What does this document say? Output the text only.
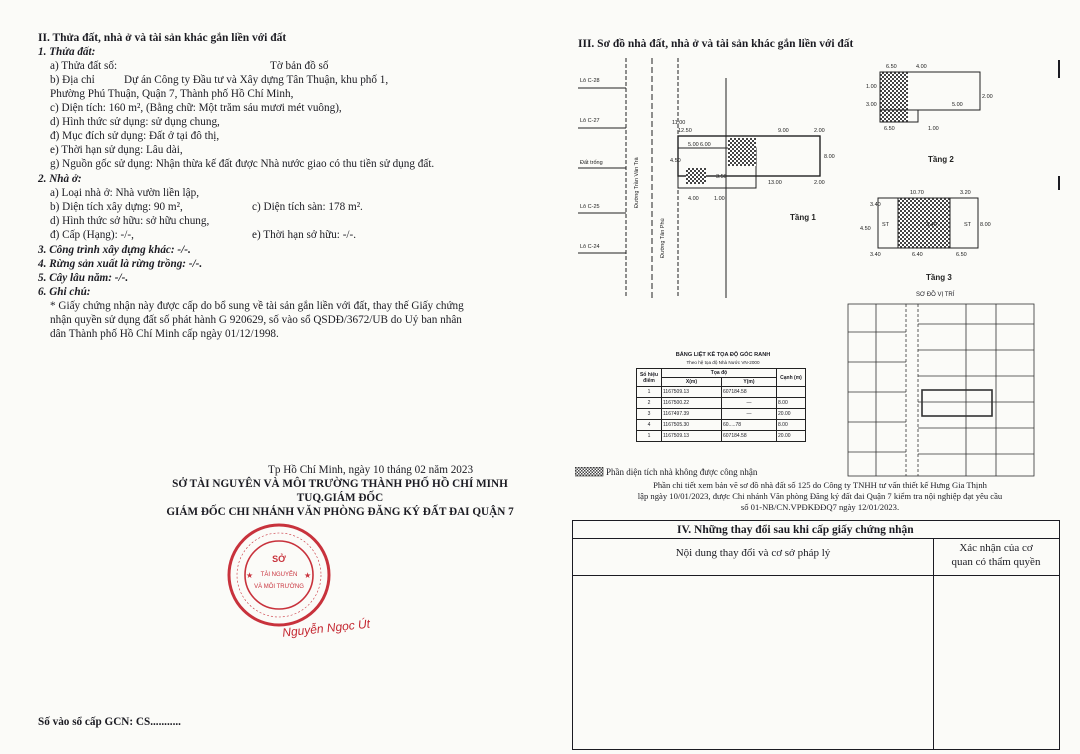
II. Thửa đất, nhà ở và tài sản khác gắn liền với đất
1. Thửa đất:
a) Thửa đất số:	Tờ bản đồ số
b) Địa chỉ	Dự án Công ty Đầu tư và Xây dựng Tân Thuận, khu phố 1,
Phường Phú Thuận, Quận 7, Thành phố Hồ Chí Minh,
c) Diện tích: 160 m², (Bằng chữ: Một trăm sáu mươi mét vuông),
d) Hình thức sử dụng: sử dụng chung,
đ) Mục đích sử dụng: Đất ở tại đô thị,
e) Thời hạn sử dụng: Lâu dài,
g) Nguồn gốc sử dụng: Nhận thừa kế đất được Nhà nước giao có thu tiền sử dụng đất.
2. Nhà ở:
a) Loại nhà ở: Nhà vườn liền lập,
b) Diện tích xây dựng: 90 m²,	c) Diện tích sàn: 178 m².
d) Hình thức sở hữu: sở hữu chung,
đ) Cấp (Hạng): -/-,	e) Thời hạn sở hữu: -/-.
3. Công trình xây dựng khác: -/-.
4. Rừng sản xuất là rừng trồng: -/-.
5. Cây lâu năm: -/-.
6. Ghi chú:
* Giấy chứng nhận này được cấp do bổ sung về tài sản gắn liền với đất, thay thế Giấy chứng
nhận quyền sử dụng đất số phát hành G 920629, số vào sổ QSDĐ/3672/UB do Uỷ ban nhân
dân Thành phố Hồ Chí Minh cấp ngày 01/12/1998.
Tp Hồ Chí Minh, ngày 10 tháng 02 năm 2023
SỞ TÀI NGUYÊN VÀ MÔI TRƯỜNG THÀNH PHỐ HỒ CHÍ MINH
TUQ.GIÁM ĐỐC
GIÁM ĐỐC CHI NHÁNH VĂN PHÒNG ĐĂNG KÝ ĐẤT ĐAI QUẬN 7
SỞ
TÀI NGUYÊN
VÀ MÔI TRƯỜNG
★	★
Nguyễn Ngọc Út
Số vào sổ cấp GCN: CS...........
III. Sơ đồ nhà đất, nhà ở và tài sản khác gắn liền với đất
Lô C-28
Lô C-27
Đất trống
Lô C-25
Lô C-24
Đường Trần Văn Trà
Đường Tân Phú
11.00
9.00	2.00
8.00
13.00	2.00
4.00	1.00
4.50
3.50
5.00 6.00
12.50
Tầng 1
6.50	4.00
1.00
6.50	1.00
2.00
3.00	5.00
Tầng 2
10.70
3.40
3.20
8.00
4.50
3.40	6.40	6.50
3.40
ST	ST
Tầng 3
SƠ ĐỒ VỊ TRÍ
BẢNG LIỆT KÊ TỌA ĐỘ GÓC RANH
Theo hệ tọa độ Nhà Nước VN-2000
Số hiệu điểm	Tọa độ		Cạnh (m)
	X(m)	Y(m)	
1	1167509.13	607184.58	
2	1167500.22	—	8.00
3	1167497.39	—	20.00
4	1167505.30	60.....78	8.00
1	1167509.13	607184.58	20.00
Phần diện tích nhà không được công nhận
Phần chi tiết xem bản vẽ sơ đồ nhà đất số 125 do Công ty TNHH tư vấn thiết kế Hưng Gia Thịnh
lập ngày 10/01/2023, được Chi nhánh Văn phòng Đăng ký đất đai Quận 7 kiểm tra nội nghiệp đạt yêu cầu
số 01-NB/CN.VPĐKĐĐQ7 ngày 12/01/2023.
IV. Những thay đổi sau khi cấp giấy chứng nhận
Nội dung thay đổi và cơ sở pháp lý	Xác nhận của cơ
quan có thẩm quyền
